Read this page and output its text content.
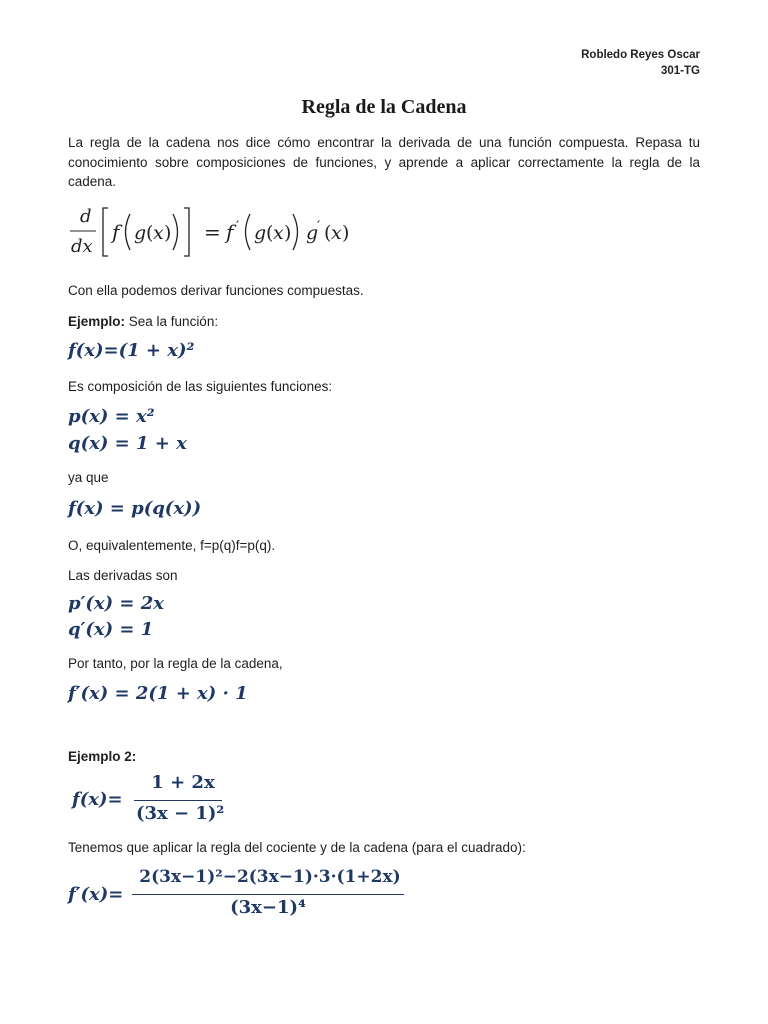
Robledo Reyes Oscar
301-TG
Regla de la Cadena
La regla de la cadena nos dice cómo encontrar la derivada de una función compuesta. Repasa tu conocimiento sobre composiciones de funciones, y aprende a aplicar correctamente la regla de la cadena.
d
dx
f g ( x ) = f ′ g ( x ) g
′ ( x )
Con ella podemos derivar funciones compuestas.
Ejemplo: Sea la función:
f(x)=(1 + x)²
Es composición de las siguientes funciones:
p(x) = x²
q(x) = 1 + x
ya que
f(x) = p(q(x))
O, equivalentemente, f=p(q)f=p(q).
Las derivadas son
p′(x) = 2x
q′(x) = 1
Por tanto, por la regla de la cadena,
f′(x) = 2(1 + x) · 1
Ejemplo 2:
f(x)=
1 + 2x
(3x − 1)²
Tenemos que aplicar la regla del cociente y de la cadena (para el cuadrado):
f′(x)=
2(3x−1)²−2(3x−1)·3·(1+2x)
(3x−1)⁴
